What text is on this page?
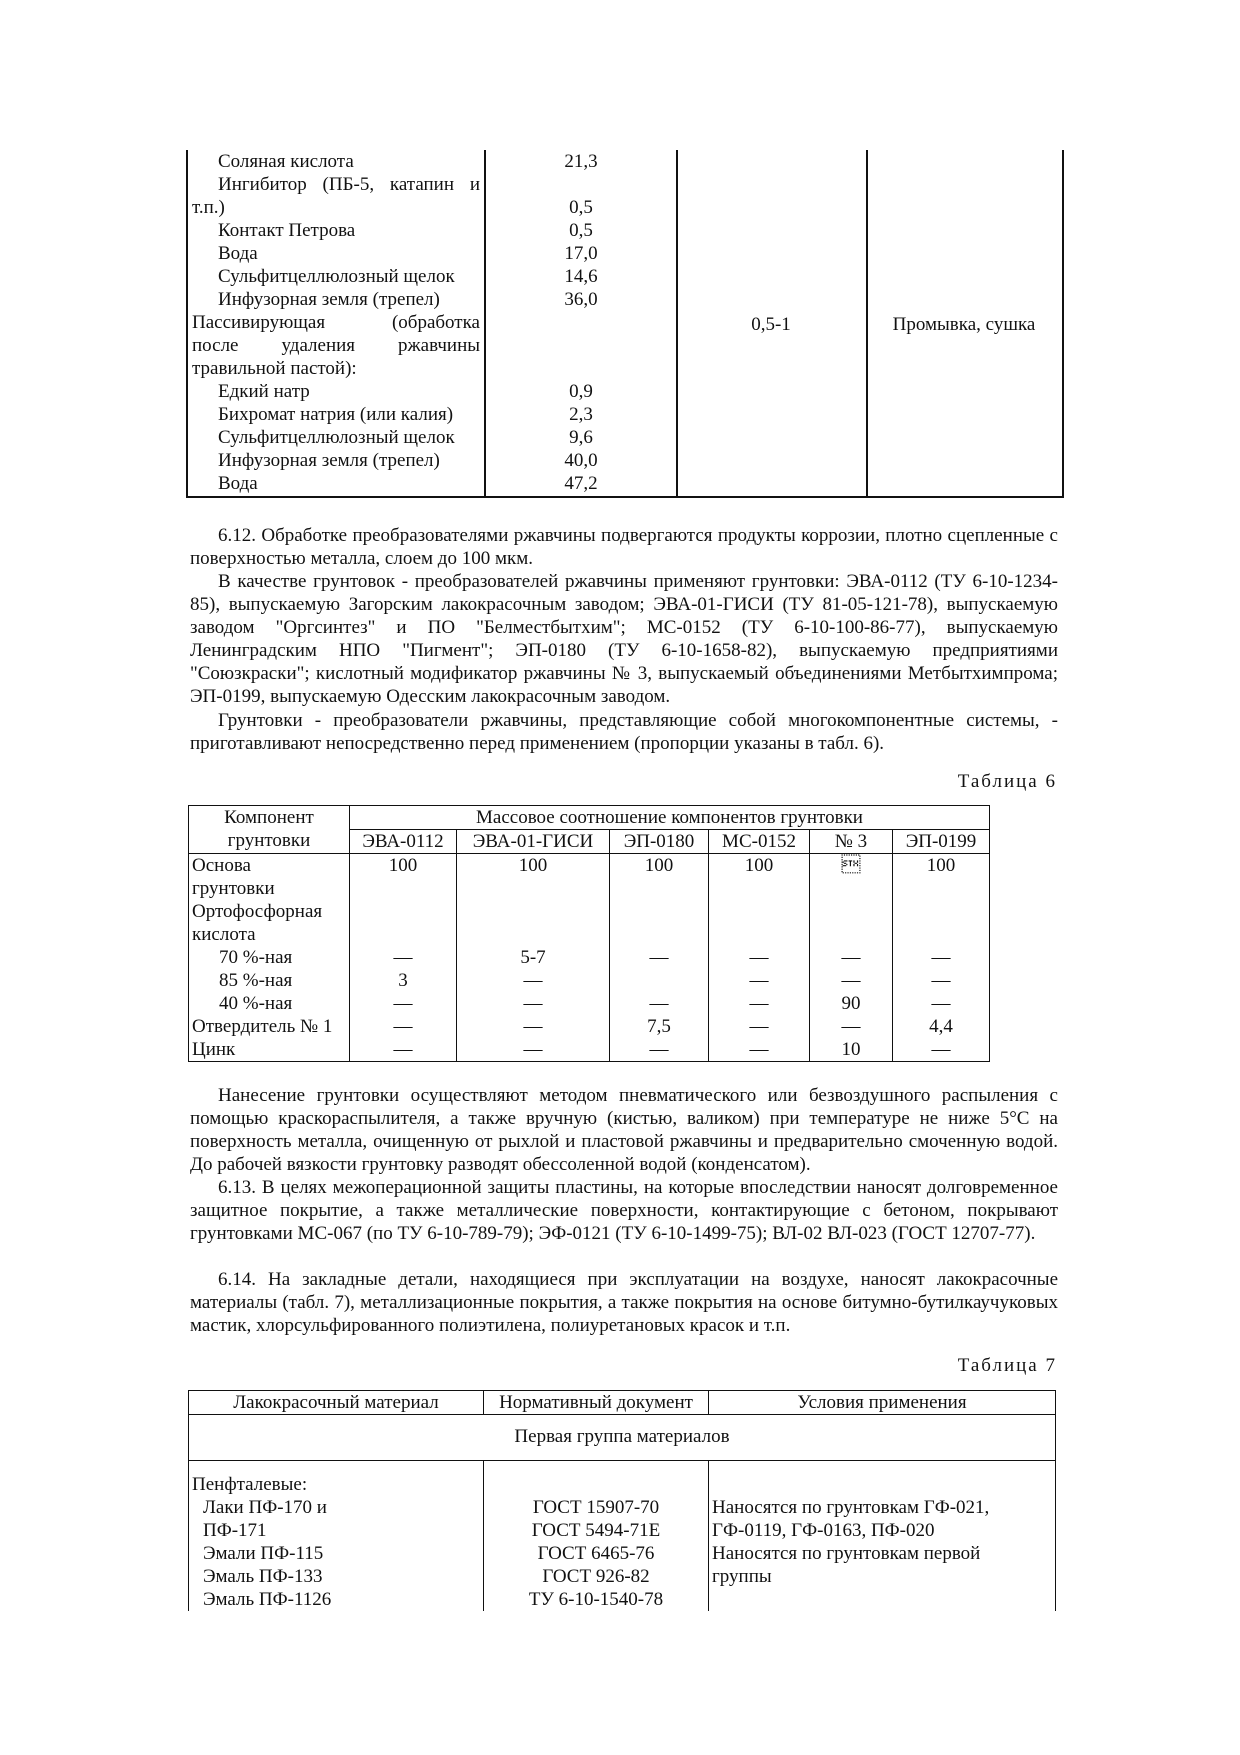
Соляная кислота	21,3
Ингибитор (ПБ-5, катапин и
т.п.)	0,5
Контакт Петрова	0,5
Вода	17,0
Сульфитцеллюлозный щелок	14,6
Инфузорная земля (трепел)	36,0
Пассивирующая (обработка
после удаления ржавчины
травильной пастой):
Едкий натр	0,9
Бихромат натрия (или калия)	2,3
Сульфитцеллюлозный щелок	9,6
Инфузорная земля (трепел)	40,0
Вода	47,2
0,5-1	Промывка, сушка

6.12. Обработке преобразователями ржавчины подвергаются продукты коррозии, плотно сцепленные с поверхностью металла, слоем до 100 мкм.

В качестве грунтовок - преобразователей ржавчины применяют грунтовки: ЭВА-0112 (ТУ 6-10-1234-85), выпускаемую Загорским лакокрасочным заводом; ЭВА-01-ГИСИ (ТУ 81-05-121-78), выпускаемую заводом "Оргсинтез" и ПО "Белместбытхим"; МС-0152 (ТУ 6-10-100-86-77), выпускаемую Ленинградским НПО "Пигмент"; ЭП-0180 (ТУ 6-10-1658-82), выпускаемую предприятиями "Союзкраски"; кислотный модификатор ржавчины № 3, выпускаемый объединениями Метбытхимпрома; ЭП-0199, выпускаемую Одесским лакокрасочным заводом.

Грунтовки - преобразователи ржавчины, представляющие собой многокомпонентные системы, - приготавливают непосредственно перед применением (пропорции указаны в табл. 6).

Таблица 6
Компонент
грунтовки	Массовое соотношение компонентов грунтовки					
	ЭВА-0112	ЭВА-01-ГИСИ	ЭП-0180	МС-0152	№ 3	ЭП-0199
Основа	100	100	100	100		100
грунтовки						
Ортофосфорная						
кислота						
70 %-ная	—	5-7	—	—	—	—
85 %-ная	3	—		—	—	—
40 %-ная	—	—	—	—	90	—
Отвердитель № 1	—	—	7,5	—	—	4,4
Цинк	—	—	—	—	10	—

Нанесение грунтовки осуществляют методом пневматического или безвоздушного распыления с помощью краскораспылителя, а также вручную (кистью, валиком) при температуре не ниже 5°С на поверхность металла, очищенную от рыхлой и пластовой ржавчины и предварительно смоченную водой. До рабочей вязкости грунтовку разводят обессоленной водой (конденсатом).

6.13. В целях межоперационной защиты пластины, на которые впоследствии наносят долговременное защитное покрытие, а также металлические поверхности, контактирующие с бетоном, покрывают грунтовками МС-067 (по ТУ 6-10-789-79); ЭФ-0121 (ТУ 6-10-1499-75); ВЛ-02 ВЛ-023 (ГОСТ 12707-77).

6.14. На закладные детали, находящиеся при эксплуатации на воздухе, наносят лакокрасочные материалы (табл. 7), металлизационные покрытия, а также покрытия на основе битумно-бутилкаучуковых мастик, хлорсульфированного полиэтилена, полиуретановых красок и т.п.

Таблица 7
Лакокрасочный материал	Нормативный документ	Условия применения
Первая группа материалов		
Пенфталевые:		
Лаки ПФ-170 и	ГОСТ 15907-70	Наносятся по грунтовкам ГФ-021,
ПФ-171	ГОСТ 5494-71Е	ГФ-0119, ГФ-0163, ПФ-020
Эмали ПФ-115	ГОСТ 6465-76	Наносятся по грунтовкам первой
Эмаль ПФ-133	ГОСТ 926-82	группы
Эмаль ПФ-1126	ТУ 6-10-1540-78	
